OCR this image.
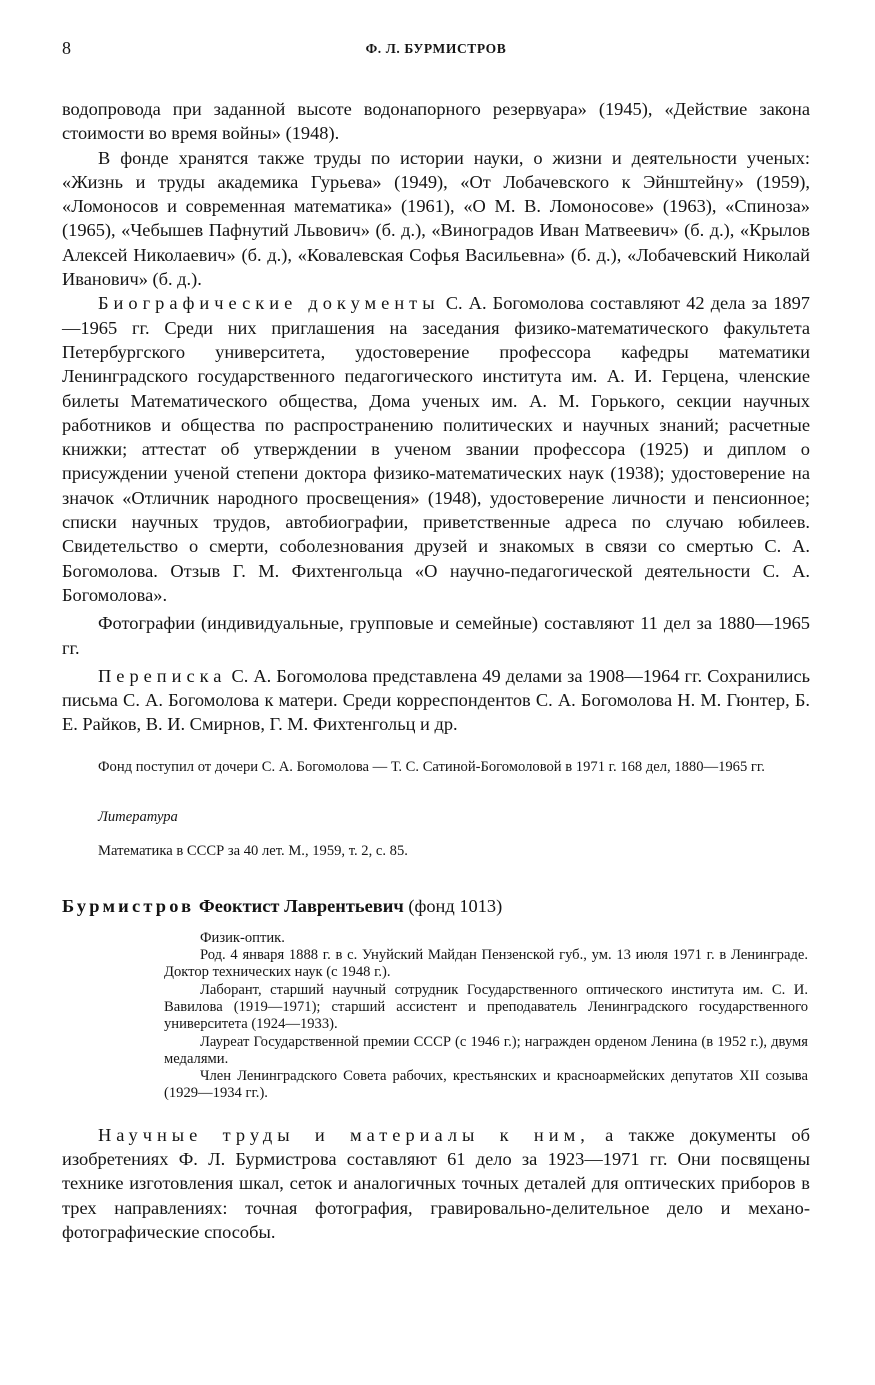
8	Ф. Л. БУРМИСТРОВ

водопровода при заданной высоте водонапорного резервуара» (1945), «Действие закона стоимости во время войны» (1948).

В фонде хранятся также труды по истории науки, о жизни и деятельности ученых: «Жизнь и труды академика Гурьева» (1949), «От Лобачевского к Эйнштейну» (1959), «Ломоносов и современная математика» (1961), «О М. В. Ломоносове» (1963), «Спиноза» (1965), «Чебышев Пафнутий Львович» (б. д.), «Виноградов Иван Матвеевич» (б. д.), «Крылов Алексей Николаевич» (б. д.), «Ковалевская Софья Васильевна» (б. д.), «Лобачевский Николай Иванович» (б. д.).

Биографические документы С. А. Богомолова составляют 42 дела за 1897—1965 гг. Среди них приглашения на заседания физико-математического факультета Петербургского университета, удостоверение профессора кафедры математики Ленинградского государственного педагогического института им. А. И. Герцена, членские билеты Математического общества, Дома ученых им. А. М. Горького, секции научных работников и общества по распространению политических и научных знаний; расчетные книжки; аттестат об утверждении в ученом звании профессора (1925) и диплом о присуждении ученой степени доктора физико-математических наук (1938); удостоверение на значок «Отличник народного просвещения» (1948), удостоверение личности и пенсионное; списки научных трудов, автобиографии, приветственные адреса по случаю юбилеев. Свидетельство о смерти, соболезнования друзей и знакомых в связи со смертью С. А. Богомолова. Отзыв Г. М. Фихтенгольца «О научно-педагогической деятельности С. А. Богомолова».

Фотографии (индивидуальные, групповые и семейные) составляют 11 дел за 1880—1965 гг.

Переписка С. А. Богомолова представлена 49 делами за 1908—1964 гг. Сохранились письма С. А. Богомолова к матери. Среди корреспондентов С. А. Богомолова Н. М. Гюнтер, Б. Е. Райков, В. И. Смирнов, Г. М. Фихтенгольц и др.

Фонд поступил от дочери С. А. Богомолова — Т. С. Сатиной-Богомоловой в 1971 г. 168 дел, 1880—1965 гг.

Литература
Математика в СССР за 40 лет. М., 1959, т. 2, с. 85.
Бурмистров Феоктист Лаврентьевич (фонд 1013)

Физик-оптик.

Род. 4 января 1888 г. в с. Унуйский Майдан Пензенской губ., ум. 13 июля 1971 г. в Ленинграде. Доктор технических наук (с 1948 г.).

Лаборант, старший научный сотрудник Государственного оптического института им. С. И. Вавилова (1919—1971); старший ассистент и преподаватель Ленинградского государственного университета (1924—1933).

Лауреат Государственной премии СССР (с 1946 г.); награжден орденом Ленина (в 1952 г.), двумя медалями.

Член Ленинградского Совета рабочих, крестьянских и красноармейских депутатов XII созыва (1929—1934 гг.).

Научные труды и материалы к ним, а также документы об изобретениях Ф. Л. Бурмистрова составляют 61 дело за 1923—1971 гг. Они посвящены технике изготовления шкал, сеток и аналогичных точных деталей для оптических приборов в трех направлениях: точная фотография, гравировально-делительное дело и механо-фотографические способы.
